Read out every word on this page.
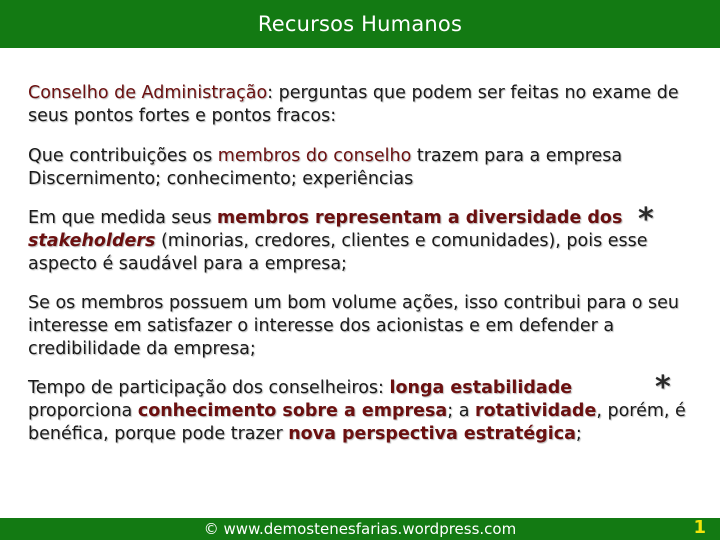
Recursos Humanos

Conselho de Administração: perguntas que podem ser feitas no exame de seus pontos fortes e pontos fracos:

Que contribuições os membros do conselho trazem para a empresa
Discernimento; conhecimento; experiências

Em que medida seus membros representam a diversidade dos
stakeholders (minorias, credores, clientes e comunidades), pois esse aspecto é saudável para a empresa;
*

Se os membros possuem um bom volume ações, isso contribui para o seu interesse em satisfazer o interesse dos acionistas e em defender a credibilidade da empresa;

Tempo de participação dos conselheiros: longa estabilidade
proporciona conhecimento sobre a empresa; a rotatividade, porém, é benéfica, porque pode trazer nova perspectiva estratégica;
*

© www.demostenesfarias.wordpress.com	1
